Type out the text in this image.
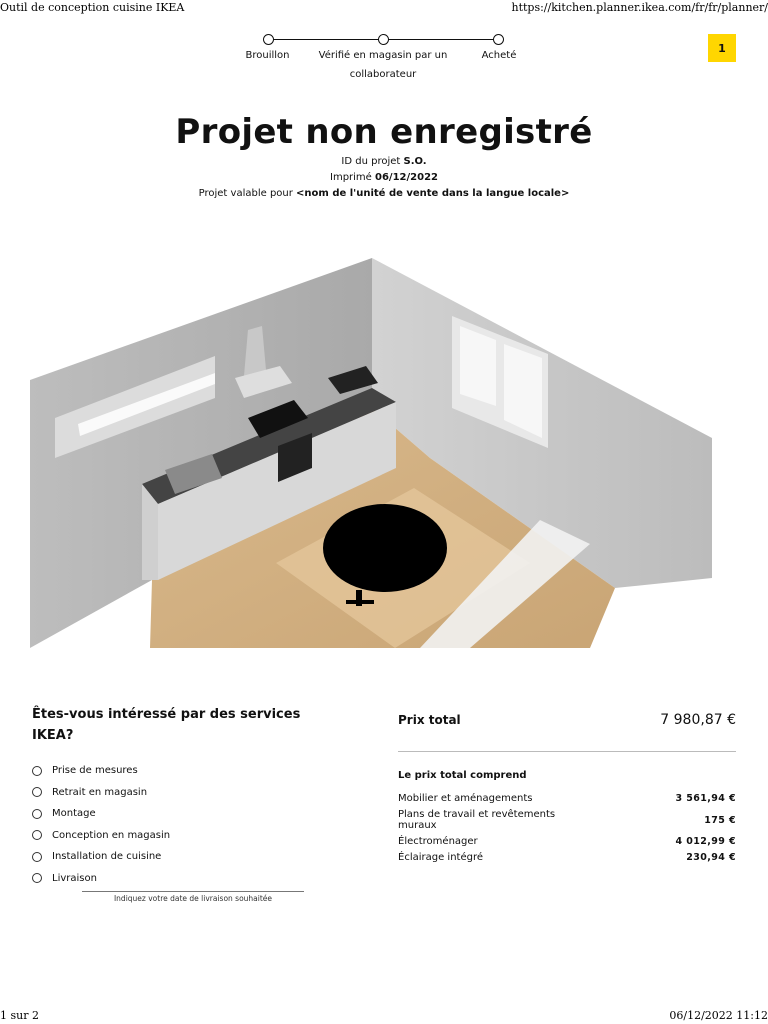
Outil de conception cuisine IKEA	https://kitchen.planner.ikea.com/fr/fr/planner/
Brouillon	Vérifié en magasin par un collaborateur
Acheté
1
Projet non enregistré
ID du projet S.O.
Imprimé 06/12/2022
Projet valable pour <nom de l'unité de vente dans la langue locale>
Êtes-vous intéressé par des services IKEA?
Prise de mesures
Retrait en magasin
Montage
Conception en magasin
Installation de cuisine
Livraison
Indiquez votre date de livraison souhaitée
Prix total	7 980,87 €
Le prix total comprend
Mobilier et aménagements	3 561,94 €
Plans de travail et revêtements muraux	175 €
Électroménager	4 012,99 €
Éclairage intégré	230,94 €
1 sur 2	06/12/2022 11:12
